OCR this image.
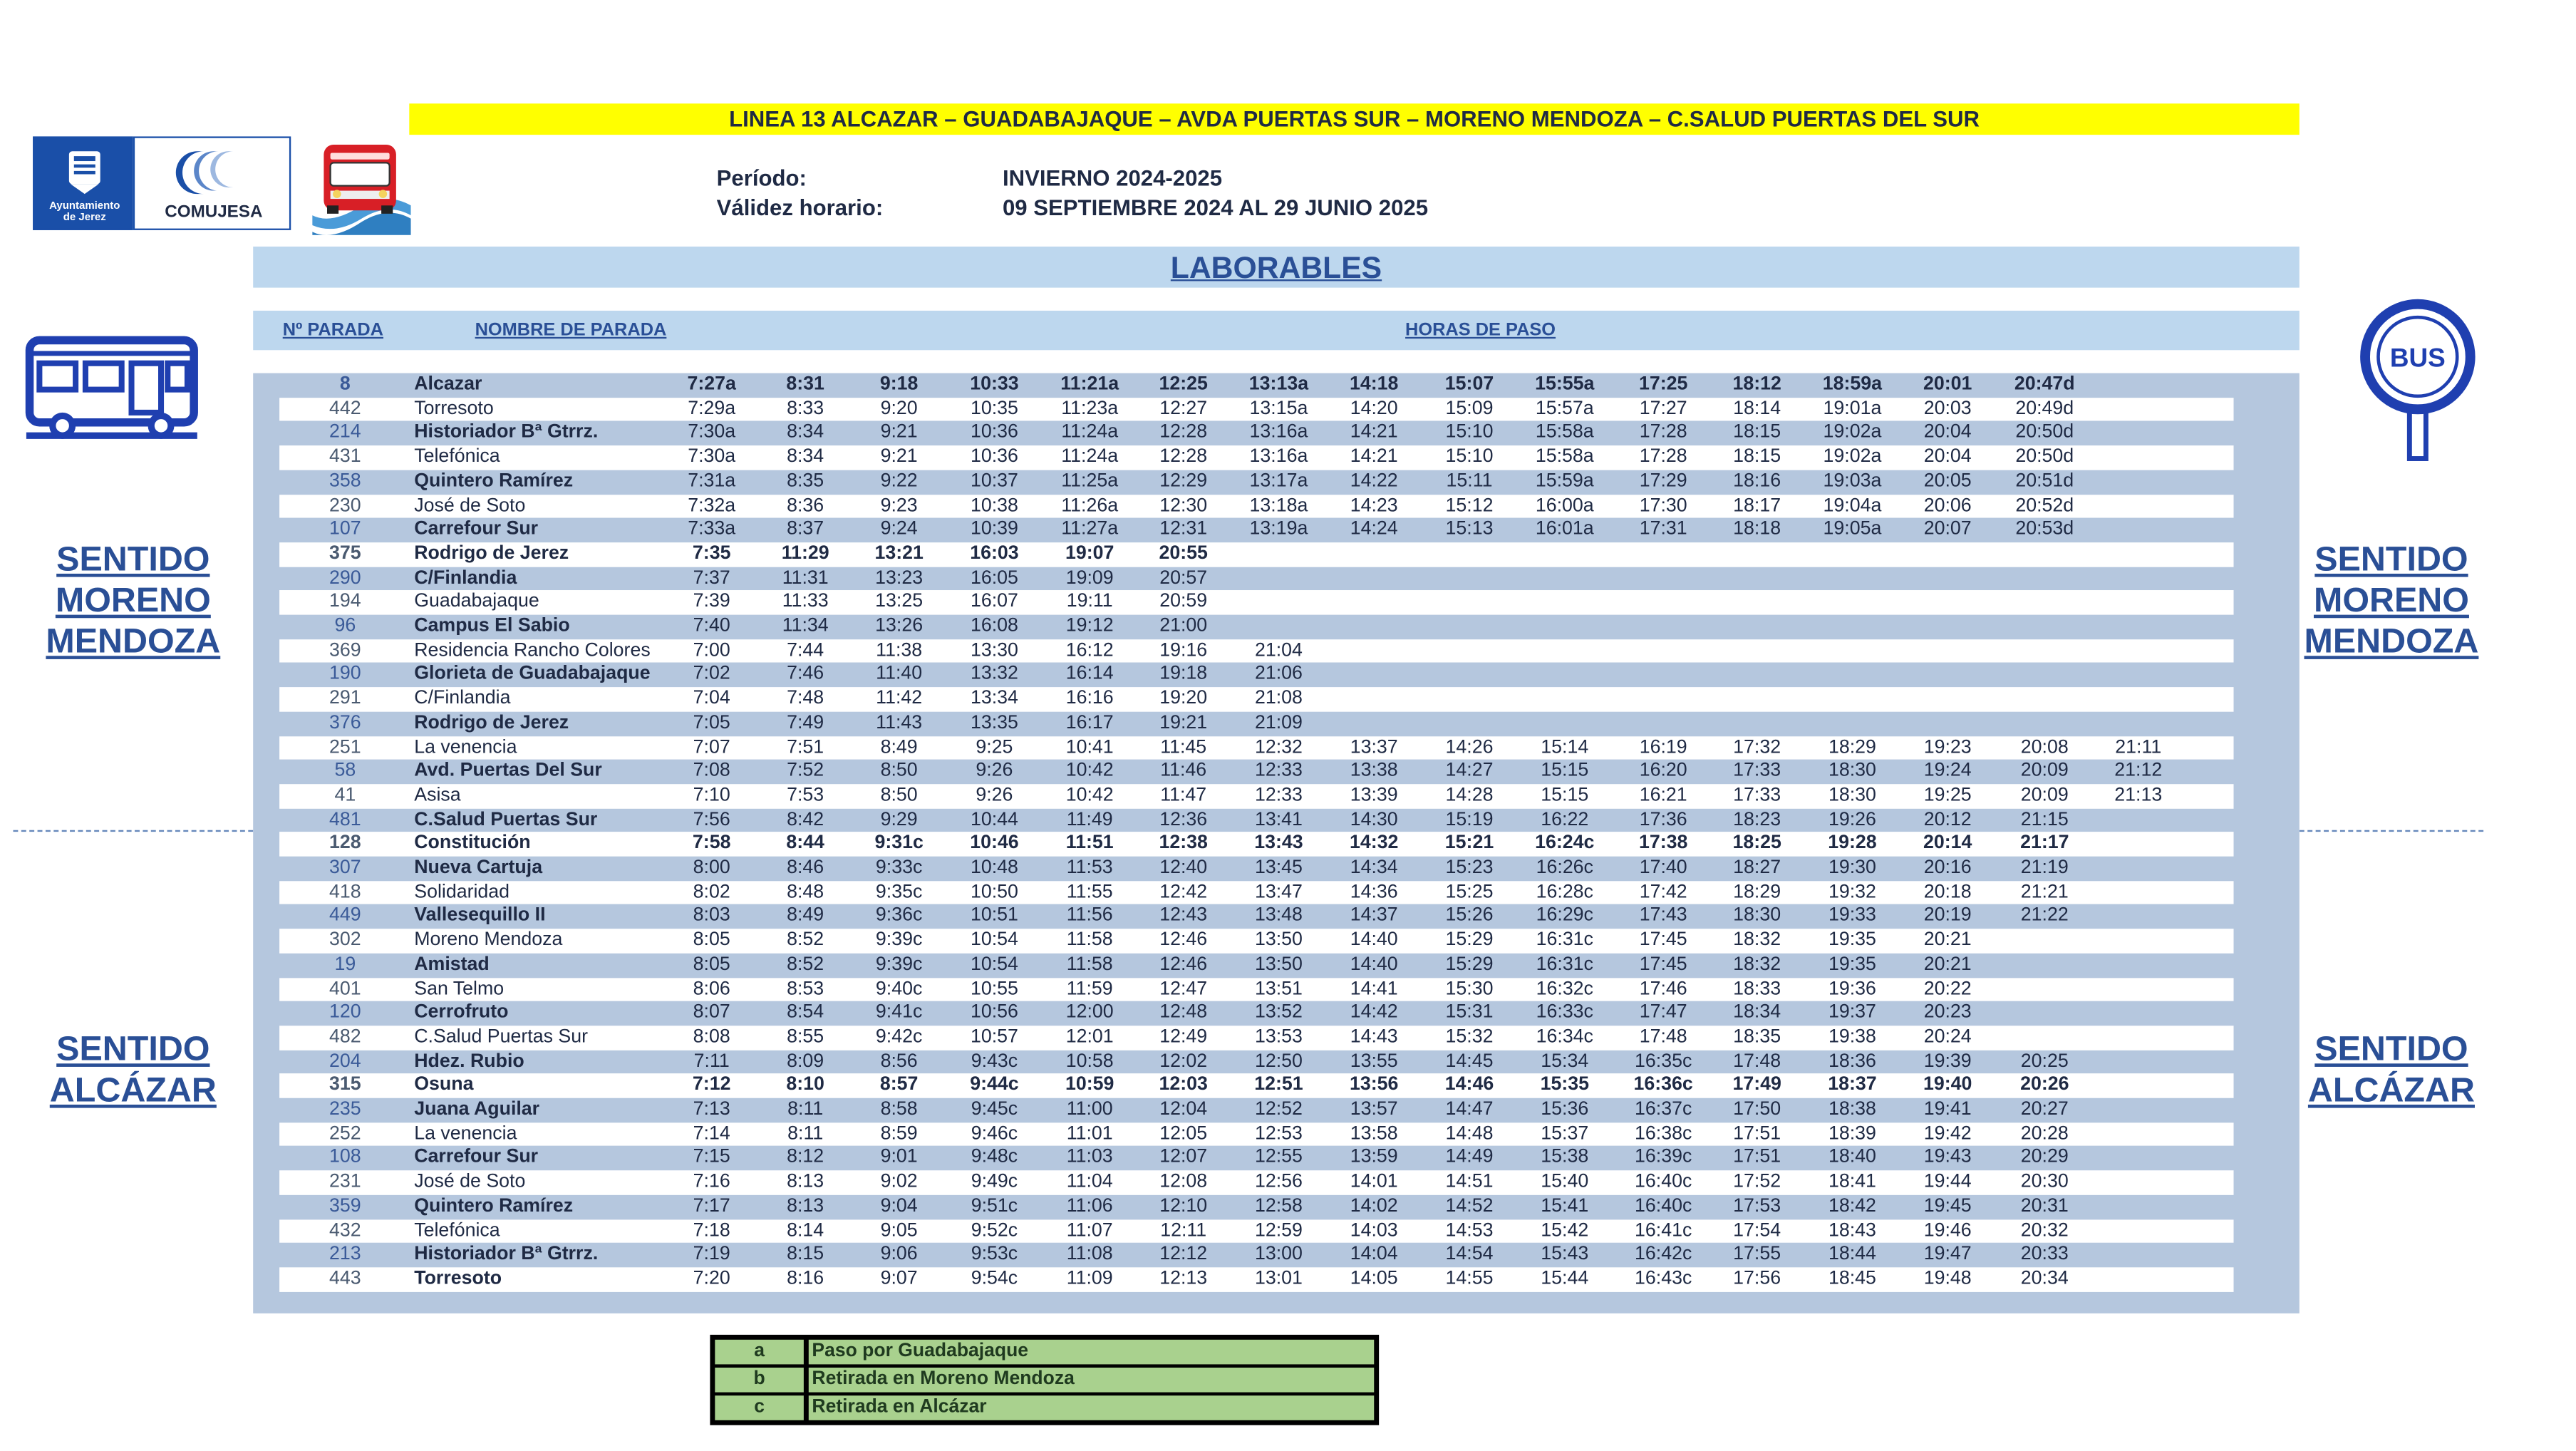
LINEA 13 ALCAZAR – GUADABAJAQUE – AVDA PUERTAS SUR – MORENO MENDOZA – C.SALUD PUERTAS DEL SUR
Ayuntamiento
de Jerez	COMUJESA
Período:	INVIERNO 2024-2025
Válidez horario:	09 SEPTIEMBRE 2024 AL 29 JUNIO 2025
LABORABLES
Nº PARADA	NOMBRE DE PARADA	HORAS DE PASO
BUS
SENTIDO
MORENO
MENDOZA
SENTIDO
MORENO
MENDOZA
SENTIDO
ALCÁZAR
SENTIDO
ALCÁZAR
8	Alcazar	7:27a	8:31	9:18	10:33	11:21a	12:25	13:13a	14:18	15:07	15:55a	17:25	18:12	18:59a	20:01	20:47d
442	Torresoto	7:29a	8:33	9:20	10:35	11:23a	12:27	13:15a	14:20	15:09	15:57a	17:27	18:14	19:01a	20:03	20:49d
214	Historiador Bª Gtrrz.	7:30a	8:34	9:21	10:36	11:24a	12:28	13:16a	14:21	15:10	15:58a	17:28	18:15	19:02a	20:04	20:50d
431	Telefónica	7:30a	8:34	9:21	10:36	11:24a	12:28	13:16a	14:21	15:10	15:58a	17:28	18:15	19:02a	20:04	20:50d
358	Quintero Ramírez	7:31a	8:35	9:22	10:37	11:25a	12:29	13:17a	14:22	15:11	15:59a	17:29	18:16	19:03a	20:05	20:51d
230	José de Soto	7:32a	8:36	9:23	10:38	11:26a	12:30	13:18a	14:23	15:12	16:00a	17:30	18:17	19:04a	20:06	20:52d
107	Carrefour Sur	7:33a	8:37	9:24	10:39	11:27a	12:31	13:19a	14:24	15:13	16:01a	17:31	18:18	19:05a	20:07	20:53d
375	Rodrigo de Jerez	7:35	11:29	13:21	16:03	19:07	20:55
290	C/Finlandia	7:37	11:31	13:23	16:05	19:09	20:57
194	Guadabajaque	7:39	11:33	13:25	16:07	19:11	20:59
96	Campus El Sabio	7:40	11:34	13:26	16:08	19:12	21:00
369	Residencia Rancho Colores	7:00	7:44	11:38	13:30	16:12	19:16	21:04
190	Glorieta de Guadabajaque	7:02	7:46	11:40	13:32	16:14	19:18	21:06
291	C/Finlandia	7:04	7:48	11:42	13:34	16:16	19:20	21:08
376	Rodrigo de Jerez	7:05	7:49	11:43	13:35	16:17	19:21	21:09
251	La venencia	7:07	7:51	8:49	9:25	10:41	11:45	12:32	13:37	14:26	15:14	16:19	17:32	18:29	19:23	20:08	21:11
58	Avd. Puertas Del Sur	7:08	7:52	8:50	9:26	10:42	11:46	12:33	13:38	14:27	15:15	16:20	17:33	18:30	19:24	20:09	21:12
41	Asisa	7:10	7:53	8:50	9:26	10:42	11:47	12:33	13:39	14:28	15:15	16:21	17:33	18:30	19:25	20:09	21:13
481	C.Salud Puertas Sur	7:56	8:42	9:29	10:44	11:49	12:36	13:41	14:30	15:19	16:22	17:36	18:23	19:26	20:12	21:15
128	Constitución	7:58	8:44	9:31c	10:46	11:51	12:38	13:43	14:32	15:21	16:24c	17:38	18:25	19:28	20:14	21:17
307	Nueva Cartuja	8:00	8:46	9:33c	10:48	11:53	12:40	13:45	14:34	15:23	16:26c	17:40	18:27	19:30	20:16	21:19
418	Solidaridad	8:02	8:48	9:35c	10:50	11:55	12:42	13:47	14:36	15:25	16:28c	17:42	18:29	19:32	20:18	21:21
449	Vallesequillo II	8:03	8:49	9:36c	10:51	11:56	12:43	13:48	14:37	15:26	16:29c	17:43	18:30	19:33	20:19	21:22
302	Moreno Mendoza	8:05	8:52	9:39c	10:54	11:58	12:46	13:50	14:40	15:29	16:31c	17:45	18:32	19:35	20:21
19	Amistad	8:05	8:52	9:39c	10:54	11:58	12:46	13:50	14:40	15:29	16:31c	17:45	18:32	19:35	20:21
401	San Telmo	8:06	8:53	9:40c	10:55	11:59	12:47	13:51	14:41	15:30	16:32c	17:46	18:33	19:36	20:22
120	Cerrofruto	8:07	8:54	9:41c	10:56	12:00	12:48	13:52	14:42	15:31	16:33c	17:47	18:34	19:37	20:23
482	C.Salud Puertas Sur	8:08	8:55	9:42c	10:57	12:01	12:49	13:53	14:43	15:32	16:34c	17:48	18:35	19:38	20:24
204	Hdez. Rubio	7:11	8:09	8:56	9:43c	10:58	12:02	12:50	13:55	14:45	15:34	16:35c	17:48	18:36	19:39	20:25
315	Osuna	7:12	8:10	8:57	9:44c	10:59	12:03	12:51	13:56	14:46	15:35	16:36c	17:49	18:37	19:40	20:26
235	Juana Aguilar	7:13	8:11	8:58	9:45c	11:00	12:04	12:52	13:57	14:47	15:36	16:37c	17:50	18:38	19:41	20:27
252	La venencia	7:14	8:11	8:59	9:46c	11:01	12:05	12:53	13:58	14:48	15:37	16:38c	17:51	18:39	19:42	20:28
108	Carrefour Sur	7:15	8:12	9:01	9:48c	11:03	12:07	12:55	13:59	14:49	15:38	16:39c	17:51	18:40	19:43	20:29
231	José de Soto	7:16	8:13	9:02	9:49c	11:04	12:08	12:56	14:01	14:51	15:40	16:40c	17:52	18:41	19:44	20:30
359	Quintero Ramírez	7:17	8:13	9:04	9:51c	11:06	12:10	12:58	14:02	14:52	15:41	16:40c	17:53	18:42	19:45	20:31
432	Telefónica	7:18	8:14	9:05	9:52c	11:07	12:11	12:59	14:03	14:53	15:42	16:41c	17:54	18:43	19:46	20:32
213	Historiador Bª Gtrrz.	7:19	8:15	9:06	9:53c	11:08	12:12	13:00	14:04	14:54	15:43	16:42c	17:55	18:44	19:47	20:33
443	Torresoto	7:20	8:16	9:07	9:54c	11:09	12:13	13:01	14:05	14:55	15:44	16:43c	17:56	18:45	19:48	20:34
a	Paso por Guadabajaque
b	Retirada en Moreno Mendoza
c	Retirada en Alcázar
